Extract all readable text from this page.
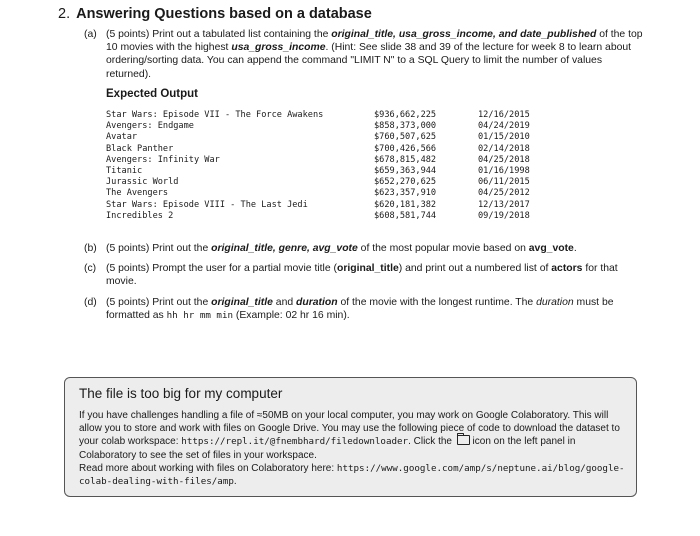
2. Answering Questions based on a database
(a) (5 points) Print out a tabulated list containing the original_title, usa_gross_income, and date_published of the top 10 movies with the highest usa_gross_income. (Hint: See slide 38 and 39 of the lecture for week 8 to learn about ordering/sorting data. You can append the command "LIMIT N" to a SQL Query to limit the number of values returned).
Expected Output
Star Wars: Episode VII - The Force Awakens	$936,662,225	12/16/2015
Avengers: Endgame	$858,373,000	04/24/2019
Avatar	$760,507,625	01/15/2010
Black Panther	$700,426,566	02/14/2018
Avengers: Infinity War	$678,815,482	04/25/2018
Titanic	$659,363,944	01/16/1998
Jurassic World	$652,270,625	06/11/2015
The Avengers	$623,357,910	04/25/2012
Star Wars: Episode VIII - The Last Jedi	$620,181,382	12/13/2017
Incredibles 2	$608,581,744	09/19/2018
(b) (5 points) Print out the original_title, genre, avg_vote of the most popular movie based on avg_vote.
(c) (5 points) Prompt the user for a partial movie title (original_title) and print out a numbered list of actors for that movie.
(d) (5 points) Print out the original_title and duration of the movie with the longest runtime. The duration must be formatted as hh hr mm min (Example: 02 hr 16 min).
The file is too big for my computer
If you have challenges handling a file of ≈50MB on your local computer, you may work on Google Colaboratory. This will allow you to store and work with files on Google Drive. You may use the following piece of code to download the dataset to your colab workspace: https://repl.it/@fnembhard/filedownloader. Click the  icon on the left panel in Colaboratory to see the set of files in your workspace.
Read more about working with files on Colaboratory here: https://www.google.com/amp/s/neptune.ai/blog/google-colab-dealing-with-files/amp.
